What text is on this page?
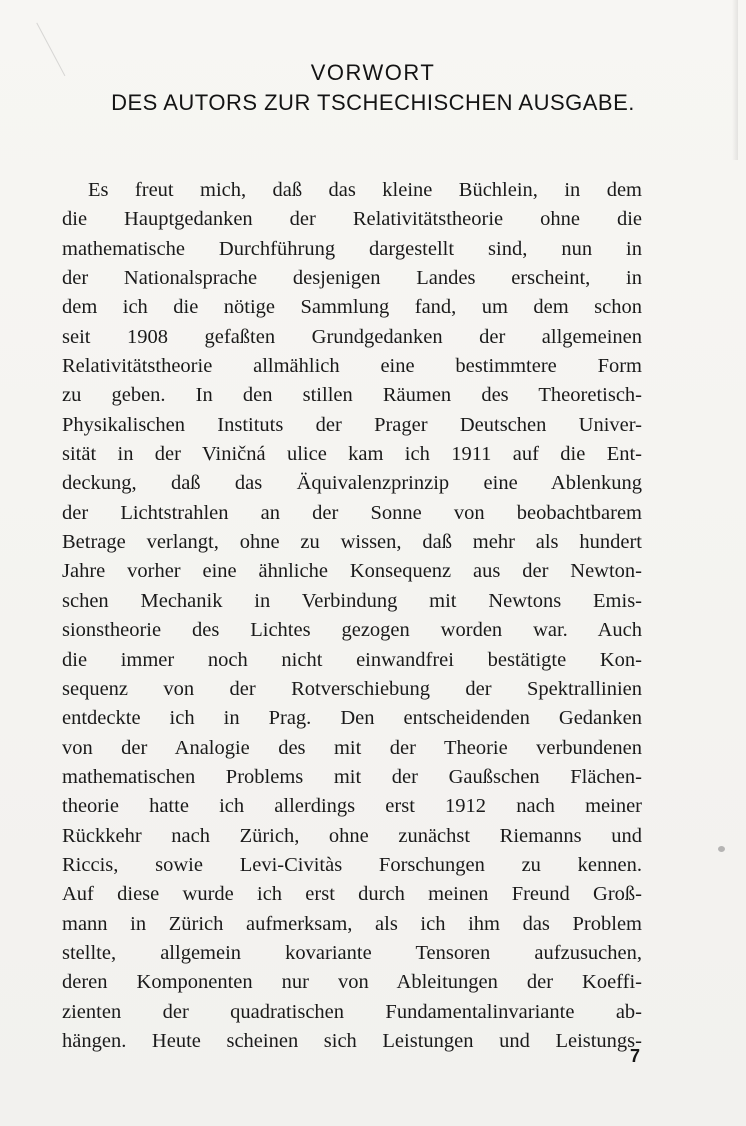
VORWORT
DES AUTORS ZUR TSCHECHISCHEN AUSGABE.
Es freut mich, daß das kleine Büchlein, in dem
die Hauptgedanken der Relativitätstheorie ohne die
mathematische Durchführung dargestellt sind, nun in
der Nationalsprache desjenigen Landes erscheint, in
dem ich die nötige Sammlung fand, um dem schon
seit 1908 gefaßten Grundgedanken der allgemeinen
Relativitätstheorie allmählich eine bestimmtere Form
zu geben. In den stillen Räumen des Theoretisch-
Physikalischen Instituts der Prager Deutschen Univer-
sität in der Viničná ulice kam ich 1911 auf die Ent-
deckung, daß das Äquivalenzprinzip eine Ablenkung
der Lichtstrahlen an der Sonne von beobachtbarem
Betrage verlangt, ohne zu wissen, daß mehr als hundert
Jahre vorher eine ähnliche Konsequenz aus der Newton-
schen Mechanik in Verbindung mit Newtons Emis-
sionstheorie des Lichtes gezogen worden war. Auch
die immer noch nicht einwandfrei bestätigte Kon-
sequenz von der Rotverschiebung der Spektrallinien
entdeckte ich in Prag. Den entscheidenden Gedanken
von der Analogie des mit der Theorie verbundenen
mathematischen Problems mit der Gaußschen Flächen-
theorie hatte ich allerdings erst 1912 nach meiner
Rückkehr nach Zürich, ohne zunächst Riemanns und
Riccis, sowie Levi-Civitàs Forschungen zu kennen.
Auf diese wurde ich erst durch meinen Freund Groß-
mann in Zürich aufmerksam, als ich ihm das Problem
stellte, allgemein kovariante Tensoren aufzusuchen,
deren Komponenten nur von Ableitungen der Koeffi-
zienten der quadratischen Fundamentalinvariante ab-
hängen. Heute scheinen sich Leistungen und Leistungs-
7
